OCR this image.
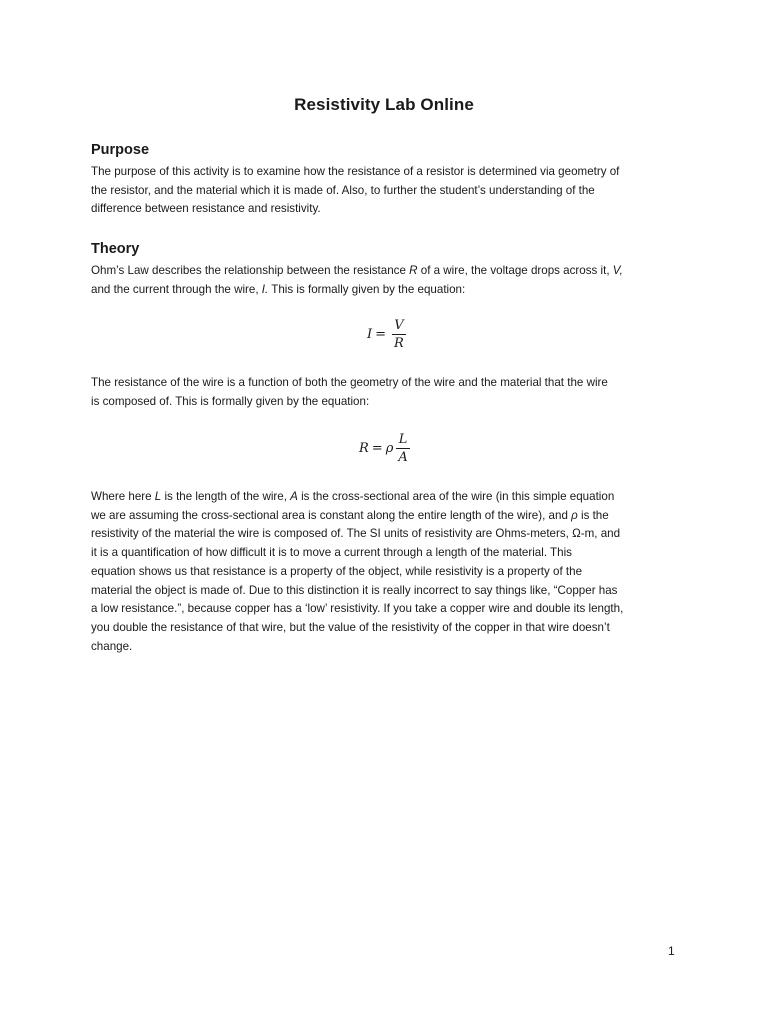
Resistivity Lab Online
Purpose

The purpose of this activity is to examine how the resistance of a resistor is determined via geometry of
the resistor, and the material which it is made of. Also, to further the student’s understanding of the
difference between resistance and resistivity.

Theory

Ohm’s Law describes the relationship between the resistance R of a wire, the voltage drops across it, V,
and the current through the wire, I. This is formally given by the equation:

$I = \frac{V}{R}$

The resistance of the wire is a function of both the geometry of the wire and the material that the wire
is composed of. This is formally given by the equation:

R = ρ $\frac{L}{A}$

Where here L is the length of the wire, A is the cross-sectional area of the wire (in this simple equation
we are assuming the cross-sectional area is constant along the entire length of the wire), and ρ is the
resistivity of the material the wire is composed of. The SI units of resistivity are Ohms-meters, Ω-m, and
it is a quantification of how difficult it is to move a current through a length of the material. This
equation shows us that resistance is a property of the object, while resistivity is a property of the
material the object is made of. Due to this distinction it is really incorrect to say things like, “Copper has
a low resistance.”, because copper has a ‘low’ resistivity. If you take a copper wire and double its length,
you double the resistance of that wire, but the value of the resistivity of the copper in that wire doesn’t
change.

1
